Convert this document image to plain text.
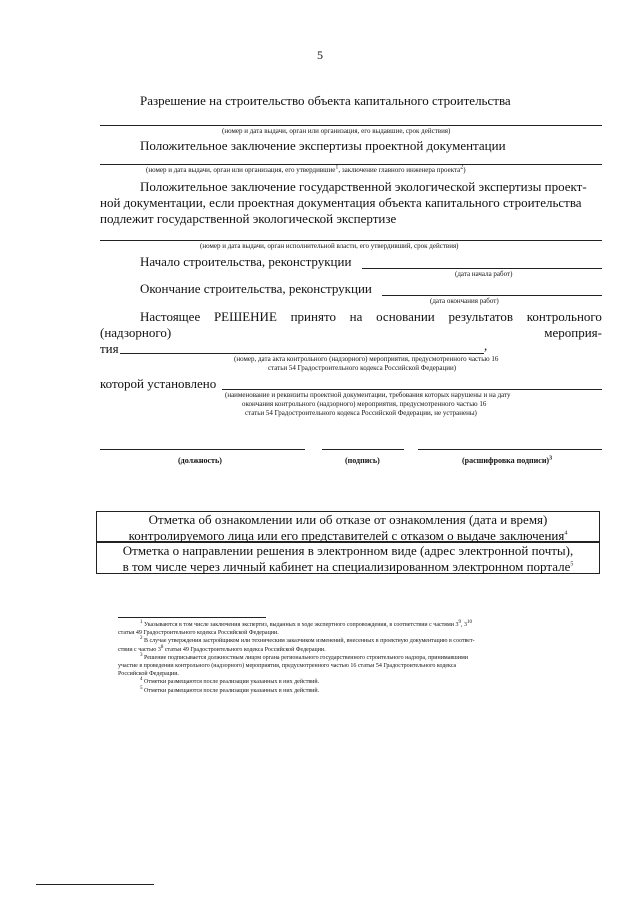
5
Разрешение на строительство объекта капитального строительства
(номер и дата выдачи, орган или организация, его выдавшие, срок действия)
Положительное заключение экспертизы проектной документации
(номер и дата выдачи, орган или организация, его утвердившие1, заключение главного инженера проекта2)
Положительное заключение государственной экологической экспертизы проект-
ной документации, если проектная документация объекта капитального строительства
подлежит государственной экологической экспертизе
(номер и дата выдачи, орган исполнительной власти, его утвердивший, срок действия)
Начало строительства, реконструкции
(дата начала работ)
Окончание строительства, реконструкции
(дата окончания работ)
Настоящее РЕШЕНИЕ принято на основании результатов контрольного
(надзорного)	мероприя-
тия	,
(номер, дата акта контрольного (надзорного) мероприятия, предусмотренного частью 16
статьи 54 Градостроительного кодекса Российской Федерации)
которой установлено
(наименование и реквизиты проектной документации, требования которых нарушены и на дату
окончания контрольного (надзорного) мероприятия, предусмотренного частью 16
статьи 54 Градостроительного кодекса Российской Федерации, не устранены)
(должность)	(подпись)	(расшифровка подписи)$^3$
Отметка об ознакомлении или об отказе от ознакомления (дата и время)
контролируемого лица или его представителей с отказом о выдаче заключения$^4$
Отметка о направлении решения в электронном виде (адрес электронной почты),
в том числе через личный кабинет на специализированном электронном портале$^5$
$^1$ Указываются в том числе заключения экспертиз, выданных в ходе экспертного сопровождения, в соответствии с частями $3^9$, $3^{10}$
статьи 49 Градостроительного кодекса Российской Федерации.
$^2$ В случае утверждения застройщиком или техническим заказчиком изменений, внесенных в проектную документацию в соответ-
ствии с частью $3^8$ статьи 49 Градостроительного кодекса Российской Федерации.
$^3$ Решение подписывается должностным лицом органа регионального государственного строительного надзора, принимавшими
участие в проведении контрольного (надзорного) мероприятия, предусмотренного частью 16 статьи 54 Градостроительного кодекса
Российской Федерации.
$^4$ Отметки размещаются после реализации указанных в них действий.
$^5$ Отметки размещаются после реализации указанных в них действий.
